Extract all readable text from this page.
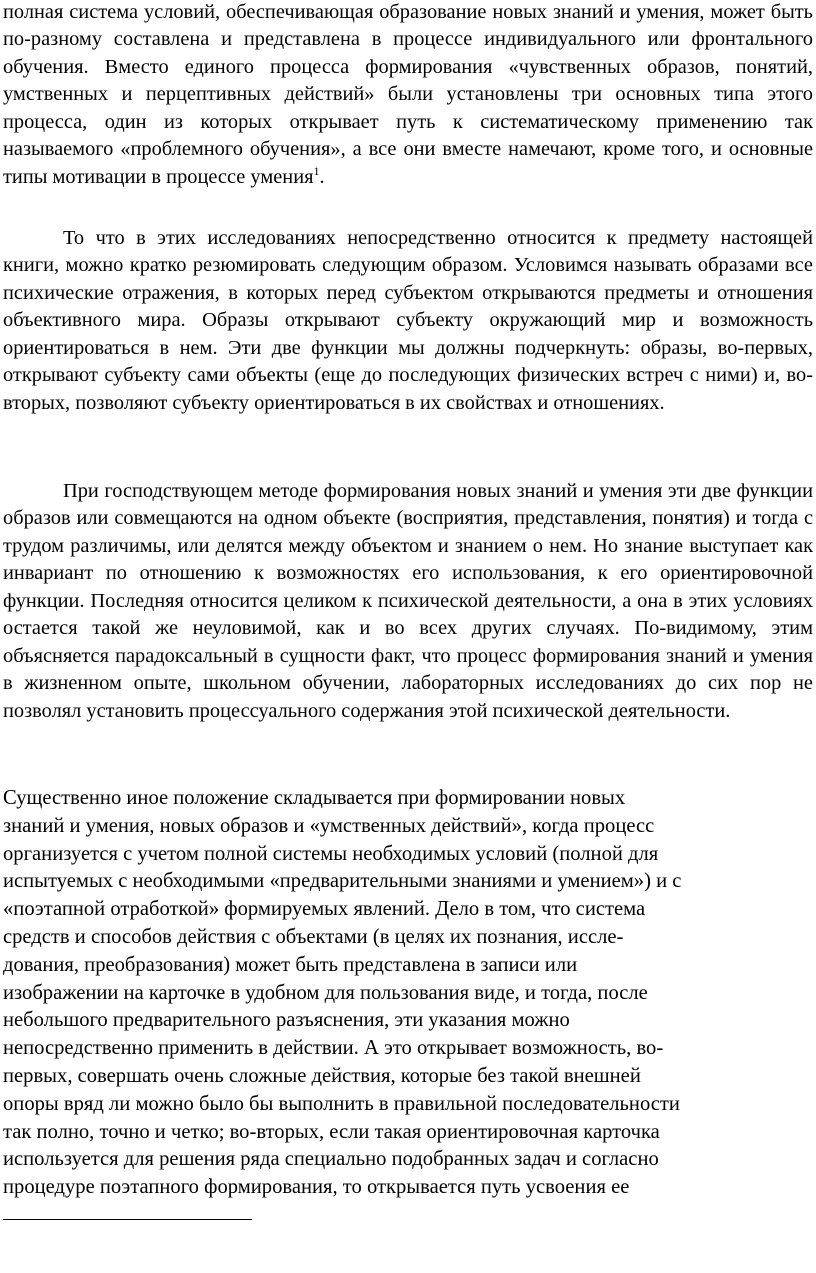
полная система условий, обеспечивающая образование новых знаний и умения, может быть по-разному составлена и представлена в процессе индивидуального или фронтального обучения. Вместо единого процесса формирования «чувственных образов, понятий, умственных и перцептивных действий» были установлены три основных типа этого процесса, один из которых открывает путь к систематическому применению так называемого «проблемного обучения», а все они вместе намечают, кроме того, и основные типы мотивации в процессе умения$^1$.

То что в этих исследованиях непосредственно относится к предмету настоящей книги, можно кратко резюмировать следующим образом. Условимся называть образами все психические отражения, в которых перед субъектом открываются предметы и отношения объективного мира. Образы открывают субъекту окружающий мир и возможность ориентироваться в нем. Эти две функции мы должны подчеркнуть: образы, во-первых, открывают субъекту сами объекты (еще до последующих физических встреч с ними) и, во-вторых, позволяют субъекту ориентироваться в их свойствах и отношениях.

При господствующем методе формирования новых знаний и умения эти две функции образов или совмещаются на одном объекте (восприятия, представления, понятия) и тогда с трудом различимы, или делятся между объектом и знанием о нем. Но знание выступает как инвариант по отношению к возможностях его использования, к его ориентировочной функции. Последняя относится целиком к психической деятельности, а она в этих условиях остается такой же неуловимой, как и во всех других случаях. По-видимому, этим объясняется парадоксальный в сущности факт, что процесс формирования знаний и умения в жизненном опыте, школьном обучении, лабораторных исследованиях до сих пор не позволял установить процессуального содержания этой психической деятельности.

Существенно иное положение складывается при формировании новых
знаний и умения, новых образов и «умственных действий», когда процесс
организуется с учетом полной системы необходимых условий (полной для
испытуемых с необходимыми «предварительными знаниями и умением») и с
«поэтапной отработкой» формируемых явлений. Дело в том, что система
средств и способов действия с объектами (в целях их познания, иссле-
дования, преобразования) может быть представлена в записи или
изображении на карточке в удобном для пользования виде, и тогда, после
небольшого предварительного разъяснения, эти указания можно
непосредственно применить в действии. А это открывает возможность, во-
первых, совершать очень сложные действия, которые без такой внешней
опоры вряд ли можно было бы выполнить в правильной последовательности
так полно, точно и четко; во-вторых, если такая ориентировочная карточка
используется для решения ряда специально подобранных задач и согласно
процедуре поэтапного формирования, то открывается путь усвоения ее
